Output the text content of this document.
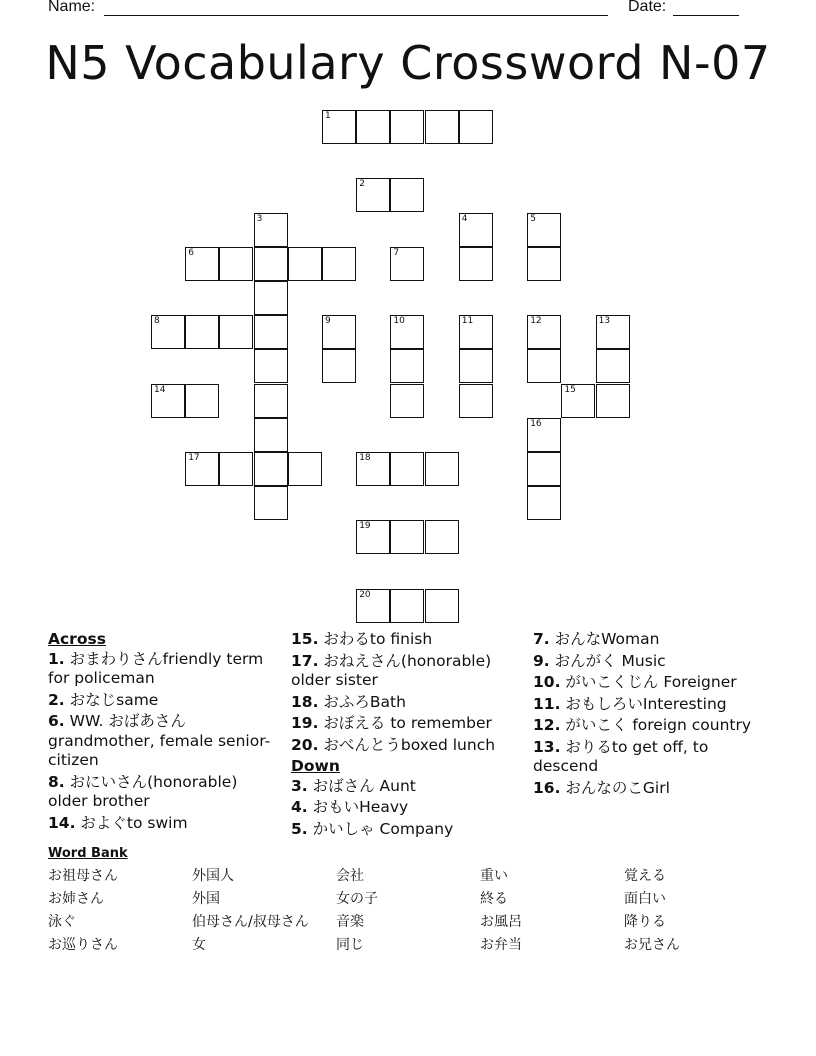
Name:	Date:
N5 Vocabulary Crossword N-07
1
2
3	4	5
6	7
8	9	10	11	12	13
14	15
16
17	18
19
20
Across
1. おまわりさんfriendly term for policeman
2. おなじsame
6. WW. おばあさんgrandmother, female senior-citizen
8. おにいさん(honorable) older brother
14. およぐto swim
15. おわるto finish
17. おねえさん(honorable) older sister
18. おふろBath
19. おぼえる to remember
20. おべんとうboxed lunch
Down
3. おばさん Aunt
4. おもいHeavy
5. かいしゃ Company
7. おんなWoman
9. おんがく Music
10. がいこくじん Foreigner
11. おもしろいInteresting
12. がいこく foreign country
13. おりるto get off, to descend
16. おんなのこGirl
Word Bank
お祖母さん	外国人	会社	重い	覚える
お姉さん	外国	女の子	終る	面白い
泳ぐ	伯母さん/叔母さん	音楽	お風呂	降りる
お巡りさん	女	同じ	お弁当	お兄さん
